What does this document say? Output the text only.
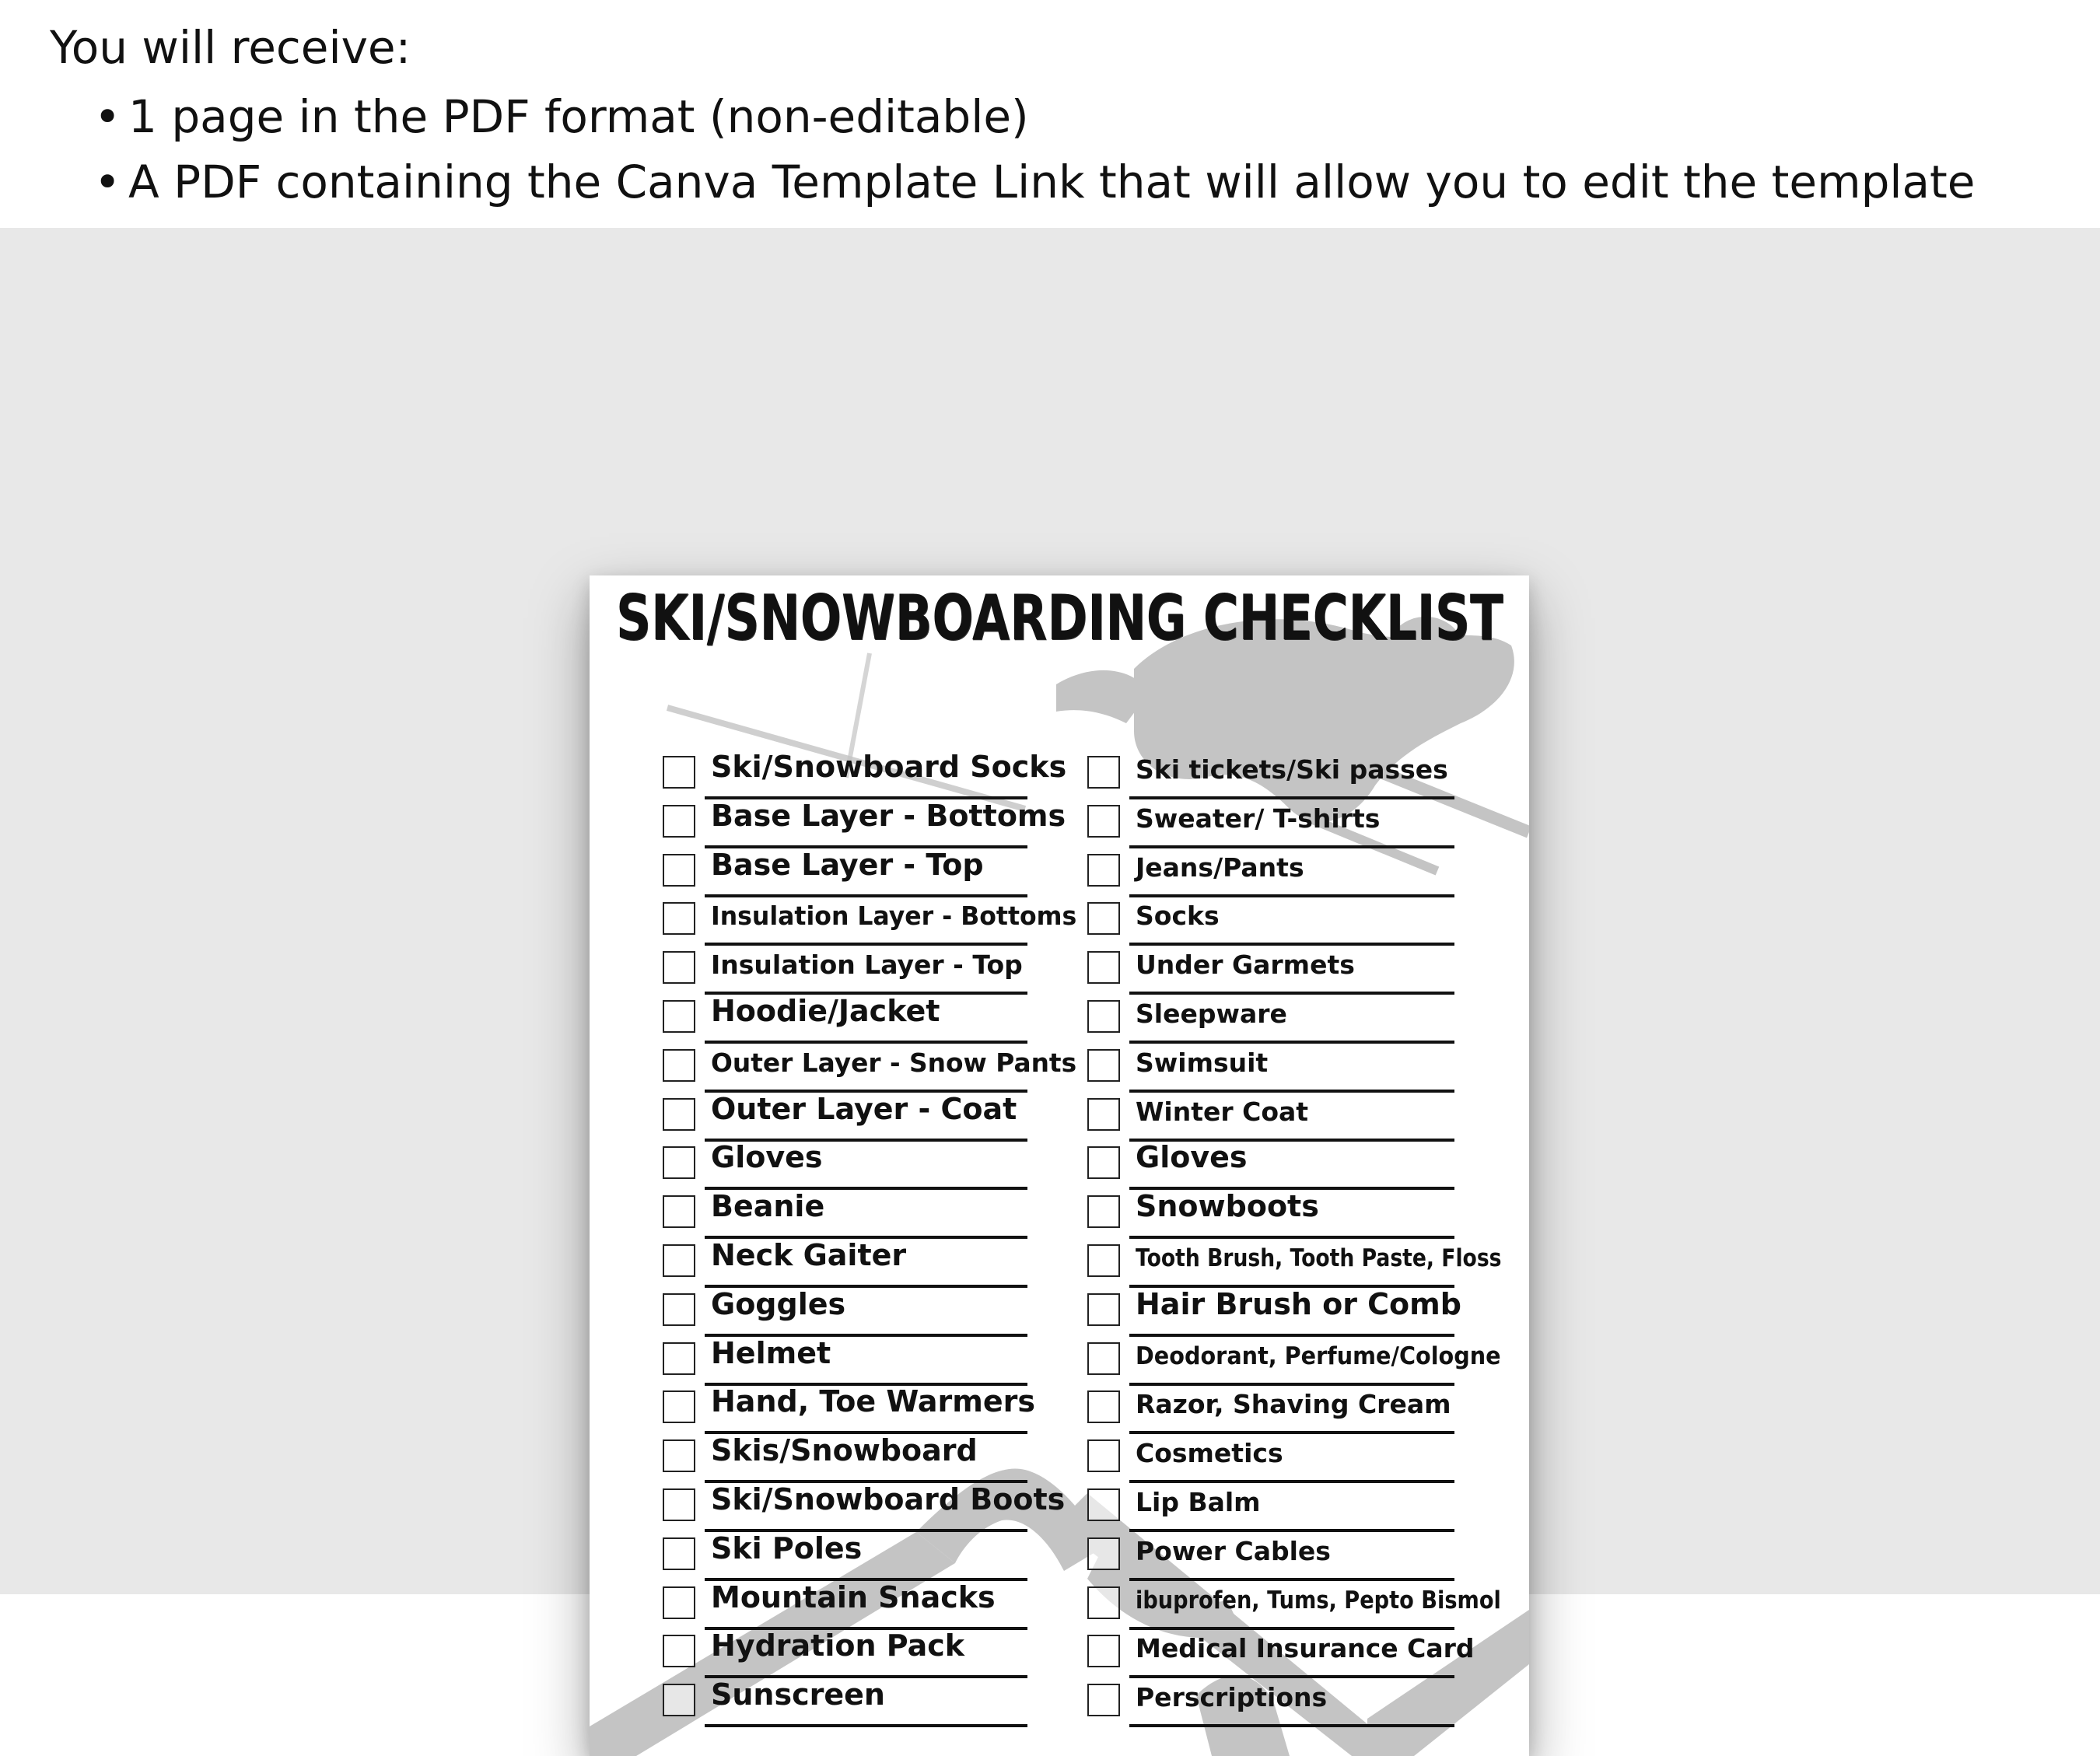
You will receive:

• 1 page in the PDF format (non-editable)
• A PDF containing the Canva Template Link that will allow you to edit the template
SKI/SNOWBOARDING CHECKLIST
Ski/Snowboard Socks
Base Layer - Bottoms
Base Layer - Top
Insulation Layer - Bottoms
Insulation Layer - Top
Hoodie/Jacket
Outer Layer - Snow Pants
Outer Layer - Coat
Gloves
Beanie
Neck Gaiter
Goggles
Helmet
Hand, Toe Warmers
Skis/Snowboard
Ski/Snowboard Boots
Ski Poles
Mountain Snacks
Hydration Pack
Sunscreen
Ski tickets/Ski passes
Sweater/ T-shirts
Jeans/Pants
Socks
Under Garmets
Sleepware
Swimsuit
Winter Coat
Gloves
Snowboots
Tooth Brush, Tooth Paste, Floss
Hair Brush or Comb
Deodorant, Perfume/Cologne
Razor, Shaving Cream
Cosmetics
Lip Balm
Power Cables
ibuprofen, Tums, Pepto Bismol
Medical Insurance Card
Perscriptions
